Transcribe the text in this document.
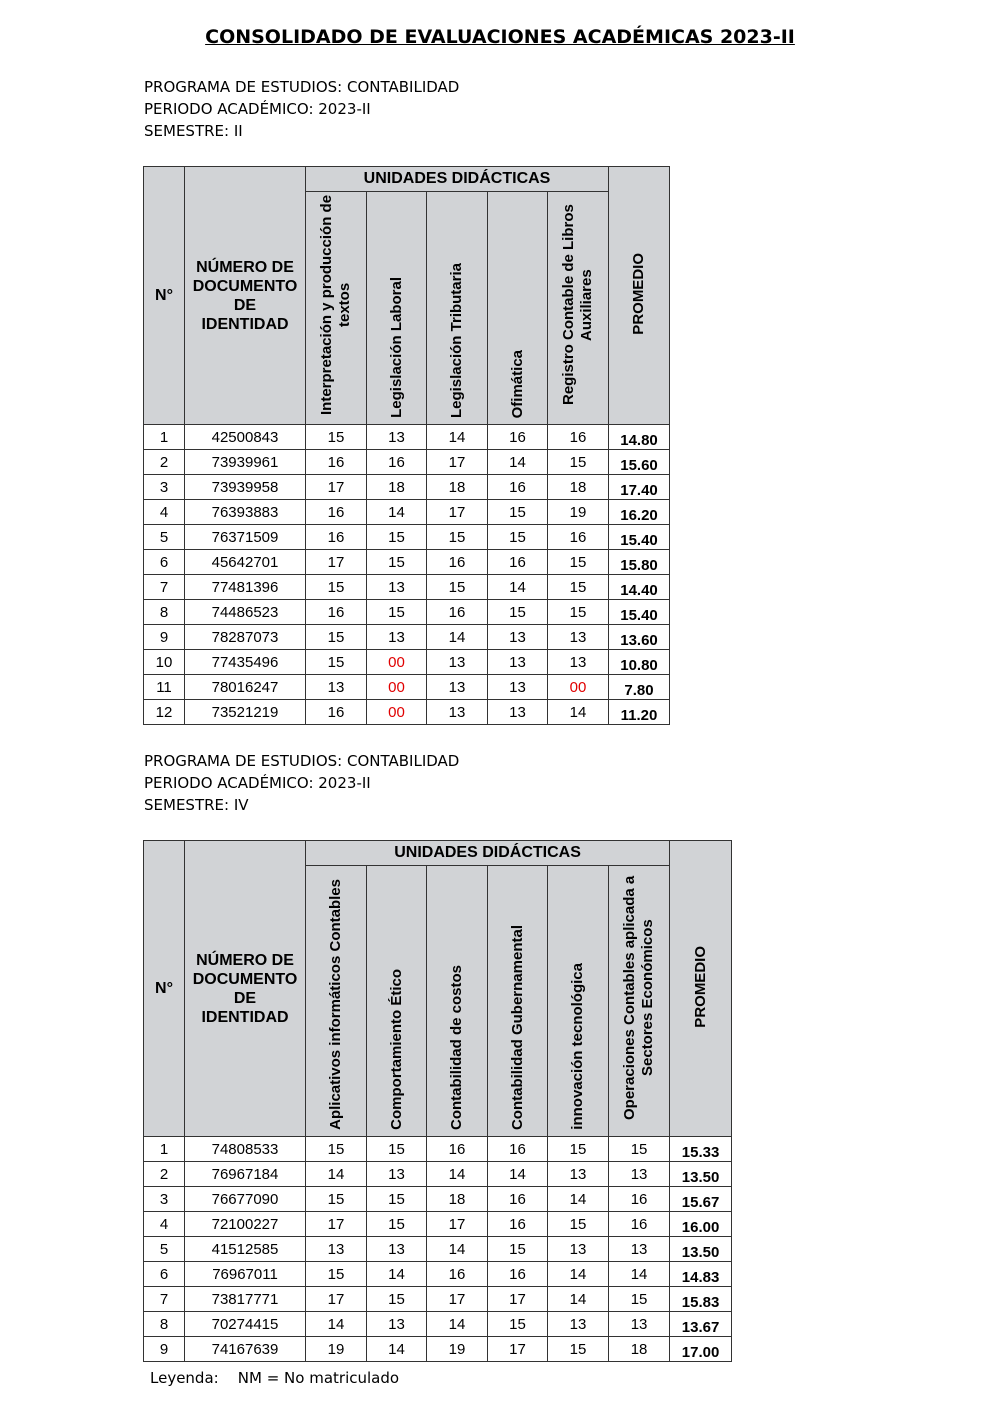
CONSOLIDADO DE EVALUACIONES ACADÉMICAS 2023-II
PROGRAMA DE ESTUDIOS: CONTABILIDAD
PERIODO ACADÉMICO: 2023-II
SEMESTRE: II
N°	NÚMERO DE DOCUMENTO DE IDENTIDAD	UNIDADES DIDÁCTICAS					PROMEDIO
		Interpretación y producción de textos	Legislación Laboral	Legislación Tributaria	Ofimática	Registro Contable de Libros Auxiliares	
1	42500843	15	13	14	16	16	14.80
2	73939961	16	16	17	14	15	15.60
3	73939958	17	18	18	16	18	17.40
4	76393883	16	14	17	15	19	16.20
5	76371509	16	15	15	15	16	15.40
6	45642701	17	15	16	16	15	15.80
7	77481396	15	13	15	14	15	14.40
8	74486523	16	15	16	15	15	15.40
9	78287073	15	13	14	13	13	13.60
10	77435496	15	00	13	13	13	10.80
11	78016247	13	00	13	13	00	7.80
12	73521219	16	00	13	13	14	11.20
PROGRAMA DE ESTUDIOS: CONTABILIDAD
PERIODO ACADÉMICO: 2023-II
SEMESTRE: IV
N°	NÚMERO DE DOCUMENTO DE IDENTIDAD	UNIDADES DIDÁCTICAS						PROMEDIO
		Aplicativos informáticos Contables	Comportamiento Ético	Contabilidad de costos	Contabilidad Gubernamental	innovación tecnológica	Operaciones Contables aplicada a Sectores Económicos	
1	74808533	15	15	16	16	15	15	15.33
2	76967184	14	13	14	14	13	13	13.50
3	76677090	15	15	18	16	14	16	15.67
4	72100227	17	15	17	16	15	16	16.00
5	41512585	13	13	14	15	13	13	13.50
6	76967011	15	14	16	16	14	14	14.83
7	73817771	17	15	17	17	14	15	15.83
8	70274415	14	13	14	15	13	13	13.67
9	74167639	19	14	19	17	15	18	17.00
Leyenda: NM = No matriculado
